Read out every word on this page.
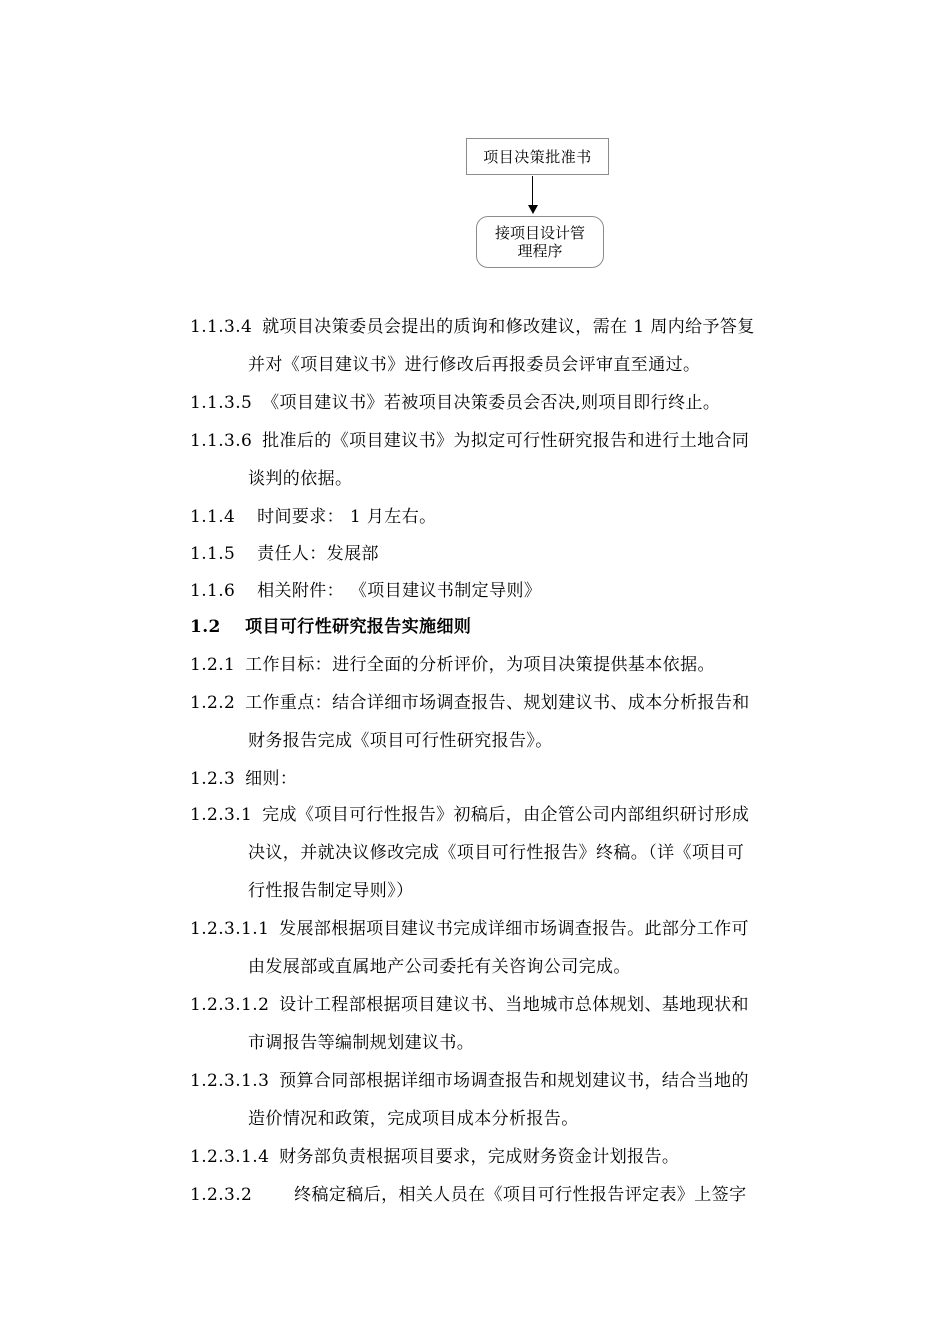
项目决策批准书
接项目设计管
理程序
1.1.3.4 就项目决策委员会提出的质询和修改建议，需在 1 周内给予答复
并对《项目建议书》进行修改后再报委员会评审直至通过。
1.1.3.5 《项目建议书》若被项目决策委员会否决,则项目即行终止。
1.1.3.6 批准后的《项目建议书》为拟定可行性研究报告和进行土地合同
谈判的依据。
1.1.4 时间要求： 1 月左右。
1.1.5 责任人：发展部
1.1.6 相关附件： 《项目建议书制定导则》
1.2 项目可行性研究报告实施细则
1.2.1 工作目标：进行全面的分析评价，为项目决策提供基本依据。
1.2.2 工作重点：结合详细市场调查报告、规划建议书、成本分析报告和
财务报告完成《项目可行性研究报告》。
1.2.3 细则：
1.2.3.1 完成《项目可行性报告》初稿后，由企管公司内部组织研讨形成
决议，并就决议修改完成《项目可行性报告》终稿。（详《项目可
行性报告制定导则》）
1.2.3.1.1 发展部根据项目建议书完成详细市场调查报告。此部分工作可
由发展部或直属地产公司委托有关咨询公司完成。
1.2.3.1.2 设计工程部根据项目建议书、当地城市总体规划、基地现状和
市调报告等编制规划建议书。
1.2.3.1.3 预算合同部根据详细市场调查报告和规划建议书，结合当地的
造价情况和政策，完成项目成本分析报告。
1.2.3.1.4 财务部负责根据项目要求，完成财务资金计划报告。
1.2.3.2 终稿定稿后，相关人员在《项目可行性报告评定表》上签字
